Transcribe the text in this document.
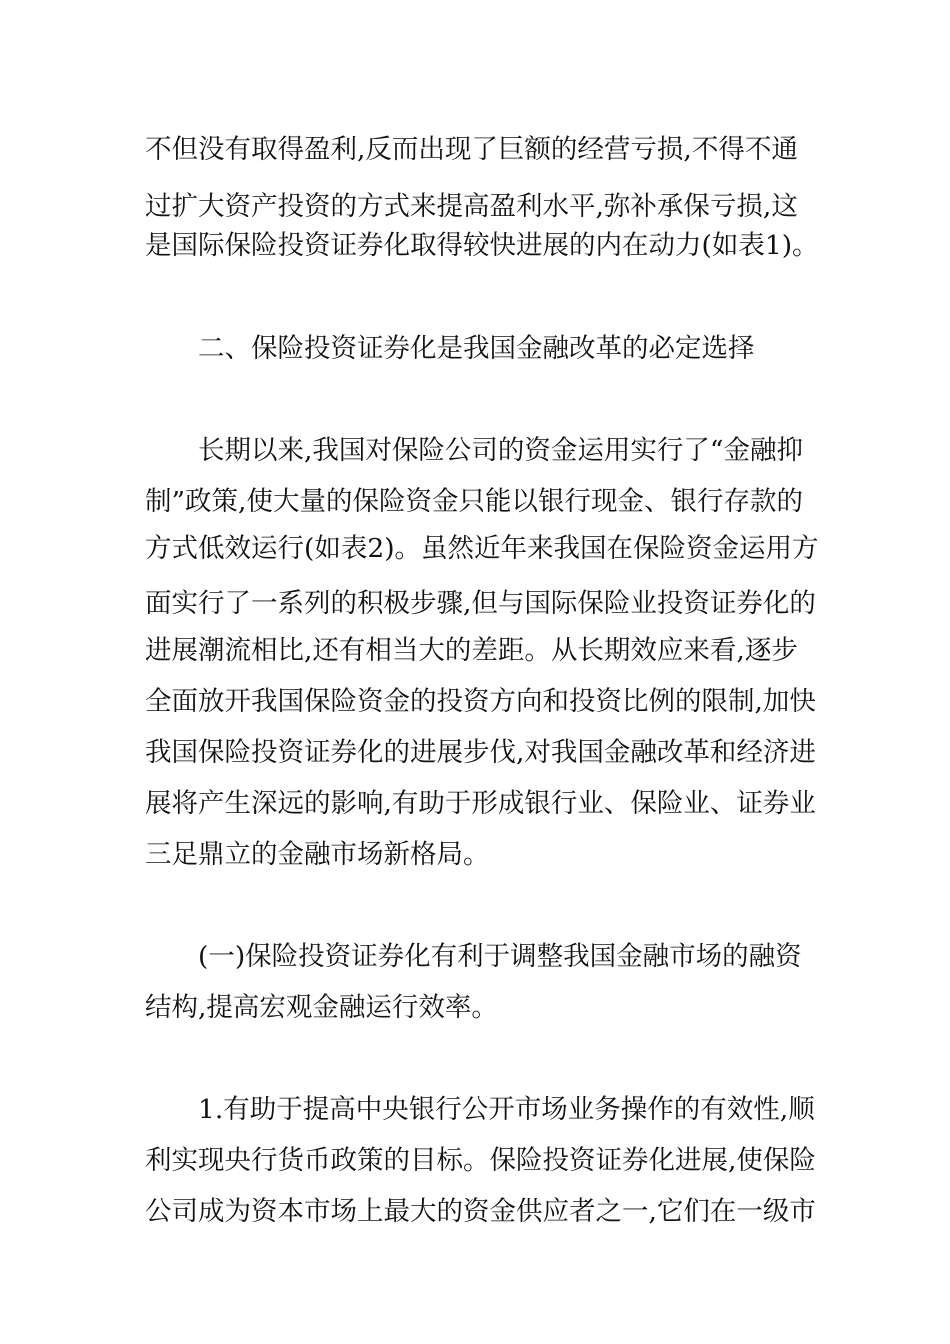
不但没有取得盈利,反而出现了巨额的经营亏损,不得不通

过扩大资产投资的方式来提高盈利水平,弥补承保亏损,这

是国际保险投资证券化取得较快进展的内在动力(如表1)。

二、保险投资证券化是我国金融改革的必定选择

长期以来,我国对保险公司的资金运用实行了“金融抑

制”政策,使大量的保险资金只能以银行现金、银行存款的

方式低效运行(如表2)。虽然近年来我国在保险资金运用方

面实行了一系列的积极步骤,但与国际保险业投资证券化的

进展潮流相比,还有相当大的差距。从长期效应来看,逐步

全面放开我国保险资金的投资方向和投资比例的限制,加快

我国保险投资证券化的进展步伐,对我国金融改革和经济进

展将产生深远的影响,有助于形成银行业、保险业、证券业

三足鼎立的金融市场新格局。

(一)保险投资证券化有利于调整我国金融市场的融资

结构,提高宏观金融运行效率。

1.有助于提高中央银行公开市场业务操作的有效性,顺

利实现央行货币政策的目标。保险投资证券化进展,使保险

公司成为资本市场上最大的资金供应者之一,它们在一级市
